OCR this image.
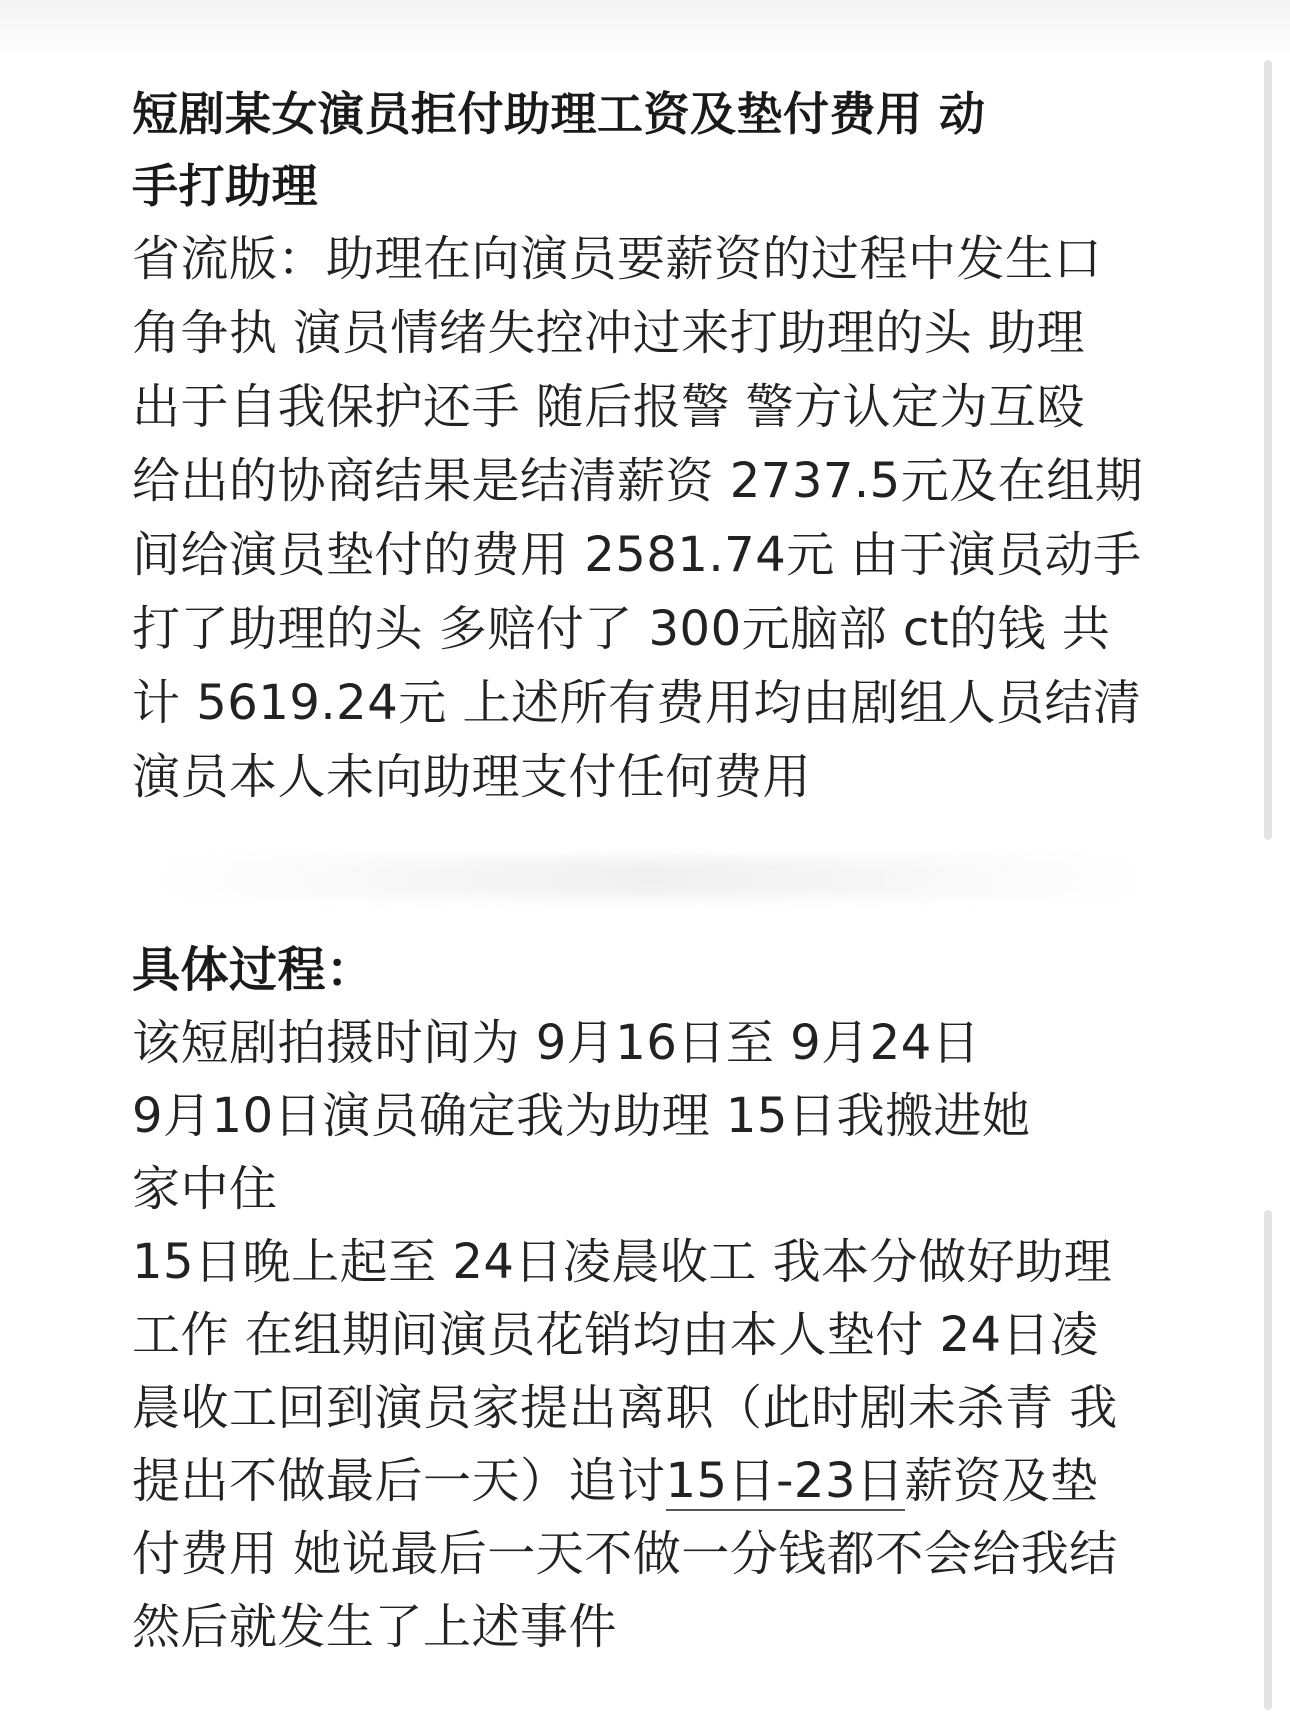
短剧某女演员拒付助理工资及垫付费用 动
手打助理
省流版：助理在向演员要薪资的过程中发生口
角争执 演员情绪失控冲过来打助理的头 助理
出于自我保护还手 随后报警 警方认定为互殴
给出的协商结果是结清薪资 2737.5元及在组期
间给演员垫付的费用 2581.74元 由于演员动手
打了助理的头 多赔付了 300元脑部 ct的钱 共
计 5619.24元 上述所有费用均由剧组人员结清
演员本人未向助理支付任何费用
具体过程：
该短剧拍摄时间为 9月16日至 9月24日
9月10日演员确定我为助理 15日我搬进她
家中住
15日晚上起至 24日凌晨收工 我本分做好助理
工作 在组期间演员花销均由本人垫付 24日凌
晨收工回到演员家提出离职（此时剧未杀青 我
提出不做最后一天）追讨15日-23日薪资及垫
付费用 她说最后一天不做一分钱都不会给我结
然后就发生了上述事件
